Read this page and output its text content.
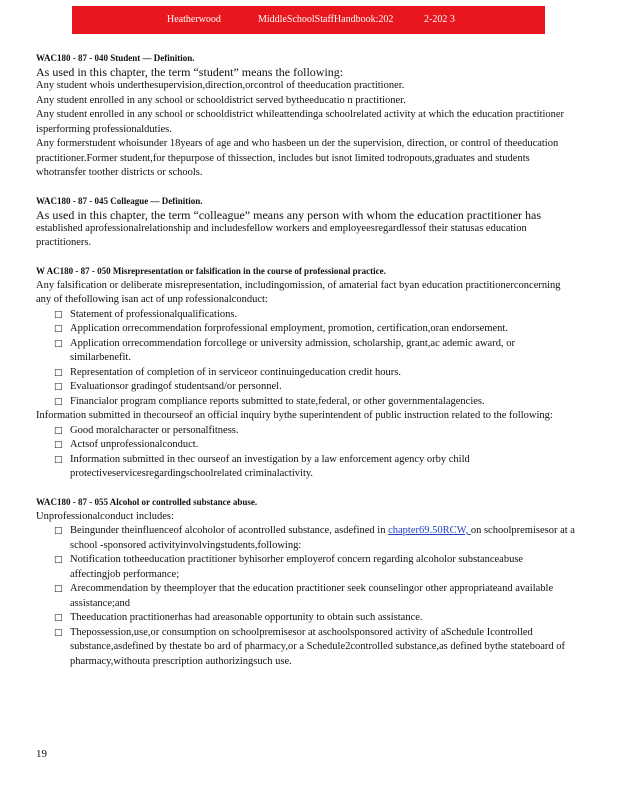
Heatherwood	MiddleSchoolStaffHandbook:202	2-202 3

WAC180 - 87 - 040 Student — Definition.

As used in this chapter, the term “student” means the following:

Any student whois underthesupervision,direction,orcontrol of theeducation practitioner.

Any student enrolled in any school or schooldistrict served bytheeducatio n practitioner.

Any student enrolled in any school or schooldistrict whileattendinga schoolrelated activity at which the education practitioner isperforming professionalduties.

Any formerstudent whoisunder 18years of age and who hasbeen un der the supervision, direction, or control of theeducation practitioner.Former student,for thepurpose of thissection, includes but isnot limited todropouts,graduates and students whotransfer toother districts or schools.

WAC180 - 87 - 045 Colleague — Definition.

As used in this chapter, the term “colleague” means any person with whom the education practitioner has

established aprofessionalrelationship and includesfellow workers and employeesregardlessof their statusas education practitioners.

W AC180 - 87 - 050 Misrepresentation or falsification in the course of professional practice.

Any falsification or deliberate misrepresentation, includingomission, of amaterial fact byan education practitionerconcerning any of thefollowing isan act of unp rofessionalconduct:

□ Statement of professionalqualifications.
□ Application orrecommendation forprofessional employment, promotion, certification,oran endorsement.
□ Application orrecommendation forcollege or university admission, scholarship, grant,ac ademic award, or similarbenefit.
□ Representation of completion of in serviceor continuingeducation credit hours.
□ Evaluationsor gradingof studentsand/or personnel.
□ Financialor program compliance reports submitted to state,federal, or other governmentalagencies.

Information submitted in thecourseof an official inquiry bythe superintendent of public instruction related to the following:

□ Good moralcharacter or personalfitness.
□ Actsof unprofessionalconduct.
□ Information submitted in thec ourseof an investigation by a law enforcement agency orby child protectiveservicesregardingschoolrelated criminalactivity.

WAC180 - 87 - 055 Alcohol or controlled substance abuse.

Unprofessionalconduct includes:

□ Beingunder theinfluenceof alcoholor of acontrolled substance, asdefined in chapter69.50RCW, on schoolpremisesor at a school -sponsored activityinvolvingstudents,following:
□ Notification totheeducation practitioner byhisorher employerof concern regarding alcoholor substanceabuse affectingjob performance;
□ Arecommendation by theemployer that the education practitioner seek counselingor other appropriateand available assistance;and
□ Theeducation practitionerhas had areasonable opportunity to obtain such assistance.
□ Thepossession,use,or consumption on schoolpremisesor at aschoolsponsored activity of aSchedule Icontrolled substance,asdefined by thestate bo ard of pharmacy,or a Schedule2controlled substance,as defined bythe stateboard of pharmacy,withouta prescription authorizingsuch use.
19
